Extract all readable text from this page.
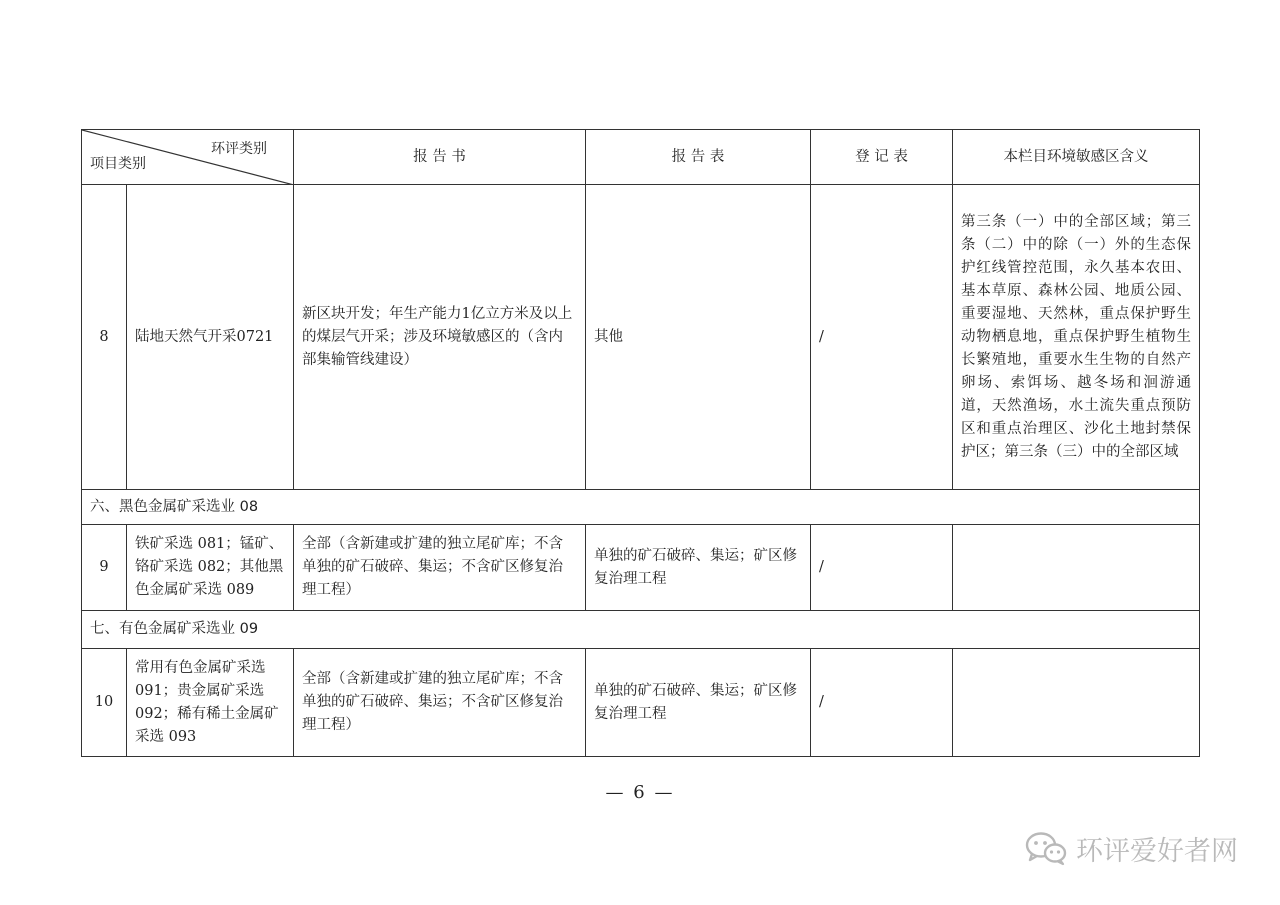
环评类别
项目类别		报 告 书	报 告 表	登 记 表	本栏目环境敏感区含义
8	陆地天然气开采0721	新区块开发；年生产能力1亿立方米及以上的煤层气开采；涉及环境敏感区的（含内部集输管线建设）	其他	/	第三条（一）中的全部区域；第三条（二）中的除（一）外的生态保护红线管控范围，永久基本农田、基本草原、森林公园、地质公园、重要湿地、天然林，重点保护野生动物栖息地，重点保护野生植物生长繁殖地，重要水生生物的自然产卵场、索饵场、越冬场和洄游通道，天然渔场，水土流失重点预防区和重点治理区、沙化土地封禁保护区；第三条（三）中的全部区域
六、黑色金属矿采选业 08					
9	铁矿采选 081；锰矿、铬矿采选 082；其他黑色金属矿采选 089	全部（含新建或扩建的独立尾矿库；不含单独的矿石破碎、集运；不含矿区修复治理工程）	单独的矿石破碎、集运；矿区修复治理工程	/	
七、有色金属矿采选业 09					
10	常用有色金属矿采选 091；贵金属矿采选 092；稀有稀土金属矿采选 093	全部（含新建或扩建的独立尾矿库；不含单独的矿石破碎、集运；不含矿区修复治理工程）	单独的矿石破碎、集运；矿区修复治理工程	/	
— 6 —
环评爱好者网
